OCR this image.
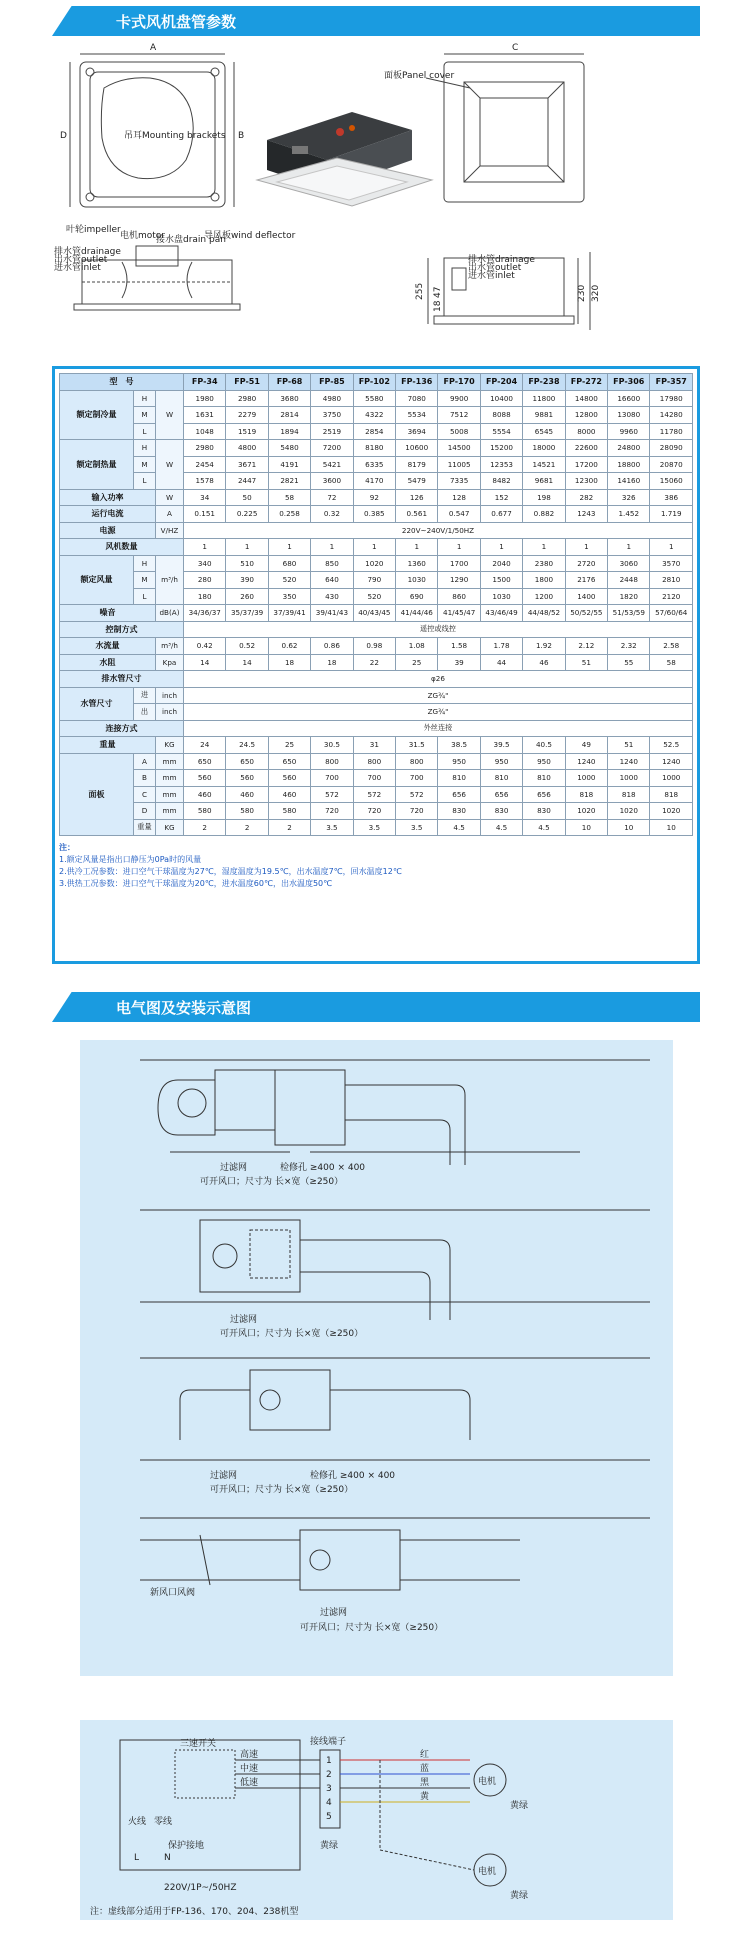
卡式风机盘管参数
A
B
D	吊耳Mounting brackets
C
面板Panel cover
叶轮impeller
电机motor
接水盘drain pan
导风板wind deflector
排水管drainage
出水管outlet
进水管inlet
255 47
18
230 320
排水管drainage
出水管outlet
进水管inlet
型　号			FP-34	FP-51	FP-68	FP-85	FP-102	FP-136	FP-170	FP-204	FP-238	FP-272	FP-306	FP-357
额定制冷量	H	W	1980	2980	3680	4980	5580	7080	9900	10400	11800	14800	16600	17980
	M		1631	2279	2814	3750	4322	5534	7512	8088	9881	12800	13080	14280
	L		1048	1519	1894	2519	2854	3694	5008	5554	6545	8000	9960	11780
额定制热量	H	W	2980	4800	5480	7200	8180	10600	14500	15200	18000	22600	24800	28090
	M		2454	3671	4191	5421	6335	8179	11005	12353	14521	17200	18800	20870
	L		1578	2447	2821	3600	4170	5479	7335	8482	9681	12300	14160	15060
输入功率		W	34	50	58	72	92	126	128	152	198	282	326	386
运行电流		A	0.151	0.225	0.258	0.32	0.385	0.561	0.547	0.677	0.882	1243	1.452	1.719
电源		V/HZ	220V~240V/1/50HZ											
风机数量			1	1	1	1	1	1	1	1	1	1	1	1
额定风量	H	m³/h	340	510	680	850	1020	1360	1700	2040	2380	2720	3060	3570
	M		280	390	520	640	790	1030	1290	1500	1800	2176	2448	2810
	L		180	260	350	430	520	690	860	1030	1200	1400	1820	2120
噪音		dB(A)	34/36/37	35/37/39	37/39/41	39/41/43	40/43/45	41/44/46	41/45/47	43/46/49	44/48/52	50/52/55	51/53/59	57/60/64
控制方式			遥控或线控											
水流量		m³/h	0.42	0.52	0.62	0.86	0.98	1.08	1.58	1.78	1.92	2.12	2.32	2.58
水阻		Kpa	14	14	18	18	22	25	39	44	46	51	55	58
排水管尺寸			φ26											
水管尺寸	进	inch	ZG¾"											
	出	inch	ZG¾"											
连接方式			外丝连接											
重量		KG	24	24.5	25	30.5	31	31.5	38.5	39.5	40.5	49	51	52.5
面板	A	mm	650	650	650	800	800	800	950	950	950	1240	1240	1240
	B	mm	560	560	560	700	700	700	810	810	810	1000	1000	1000
	C	mm	460	460	460	572	572	572	656	656	656	818	818	818
	D	mm	580	580	580	720	720	720	830	830	830	1020	1020	1020
	重量	KG	2	2	2	3.5	3.5	3.5	4.5	4.5	4.5	10	10	10
注：
1.额定风量是指出口静压为0Pa时的风量
2.供冷工况参数：进口空气干球温度为27℃，湿度温度为19.5℃，出水温度7℃，回水温度12℃
3.供热工况参数：进口空气干球温度为20℃，进水温度60℃，出水温度50℃
电气图及安装示意图
过滤网	检修孔 ≥400 × 400
可开风口；尺寸为 长×宽（≥250）
过滤网
可开风口；尺寸为 长×宽（≥250）
过滤网	检修孔 ≥400 × 400
可开风口；尺寸为 长×宽（≥250）
新风口风阀
过滤网
可开风口；尺寸为 长×宽（≥250）
三速开关	接线端子
高速
中速
低速
1
2
3
4
5
红
蓝
黑
黄
电机
电机
黄绿
黄绿
火线 零线
保护接地
L	N
黄绿
220V/1P~/50HZ
注：虚线部分适用于FP-136、170、204、238机型
